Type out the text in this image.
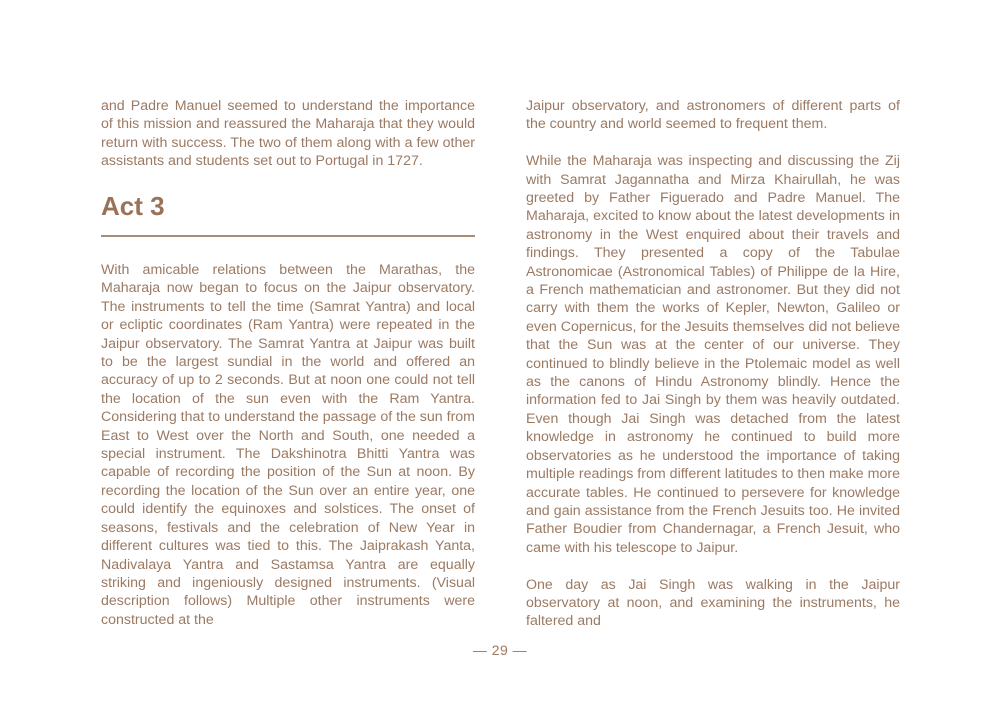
and Padre Manuel seemed to understand the importance of this mission and reassured the Maharaja that they would return with success. The two of them along with a few other assistants and students set out to Portugal in 1727.

Act 3

With amicable relations between the Marathas, the Maharaja now began to focus on the Jaipur observatory. The instruments to tell the time (Samrat Yantra) and local or ecliptic coordinates (Ram Yantra) were repeated in the Jaipur observatory. The Samrat Yantra at Jaipur was built to be the largest sundial in the world and offered an accuracy of up to 2 seconds. But at noon one could not tell the location of the sun even with the Ram Yantra. Considering that to understand the passage of the sun from East to West over the North and South, one needed a special instrument. The Dakshinotra Bhitti Yantra was capable of recording the position of the Sun at noon. By recording the location of the Sun over an entire year, one could identify the equinoxes and solstices. The onset of seasons, festivals and the celebration of New Year in different cultures was tied to this. The Jaiprakash Yanta, Nadivalaya Yantra and Sastamsa Yantra are equally striking and ingeniously designed instruments. (Visual description follows) Multiple other instruments were constructed at the

Jaipur observatory, and astronomers of different parts of the country and world seemed to frequent them.

While the Maharaja was inspecting and discussing the Zij with Samrat Jagannatha and Mirza Khairullah, he was greeted by Father Figuerado and Padre Manuel. The Maharaja, excited to know about the latest developments in astronomy in the West enquired about their travels and findings. They presented a copy of the Tabulae Astronomicae (Astronomical Tables) of Philippe de la Hire, a French mathematician and astronomer. But they did not carry with them the works of Kepler, Newton, Galileo or even Copernicus, for the Jesuits themselves did not believe that the Sun was at the center of our universe. They continued to blindly believe in the Ptolemaic model as well as the canons of Hindu Astronomy blindly. Hence the information fed to Jai Singh by them was heavily outdated. Even though Jai Singh was detached from the latest knowledge in astronomy he continued to build more observatories as he understood the importance of taking multiple readings from different latitudes to then make more accurate tables. He continued to persevere for knowledge and gain assistance from the French Jesuits too. He invited Father Boudier from Chandernagar, a French Jesuit, who came with his telescope to Jaipur.

One day as Jai Singh was walking in the Jaipur observatory at noon, and examining the instruments, he faltered and

— 29 —
